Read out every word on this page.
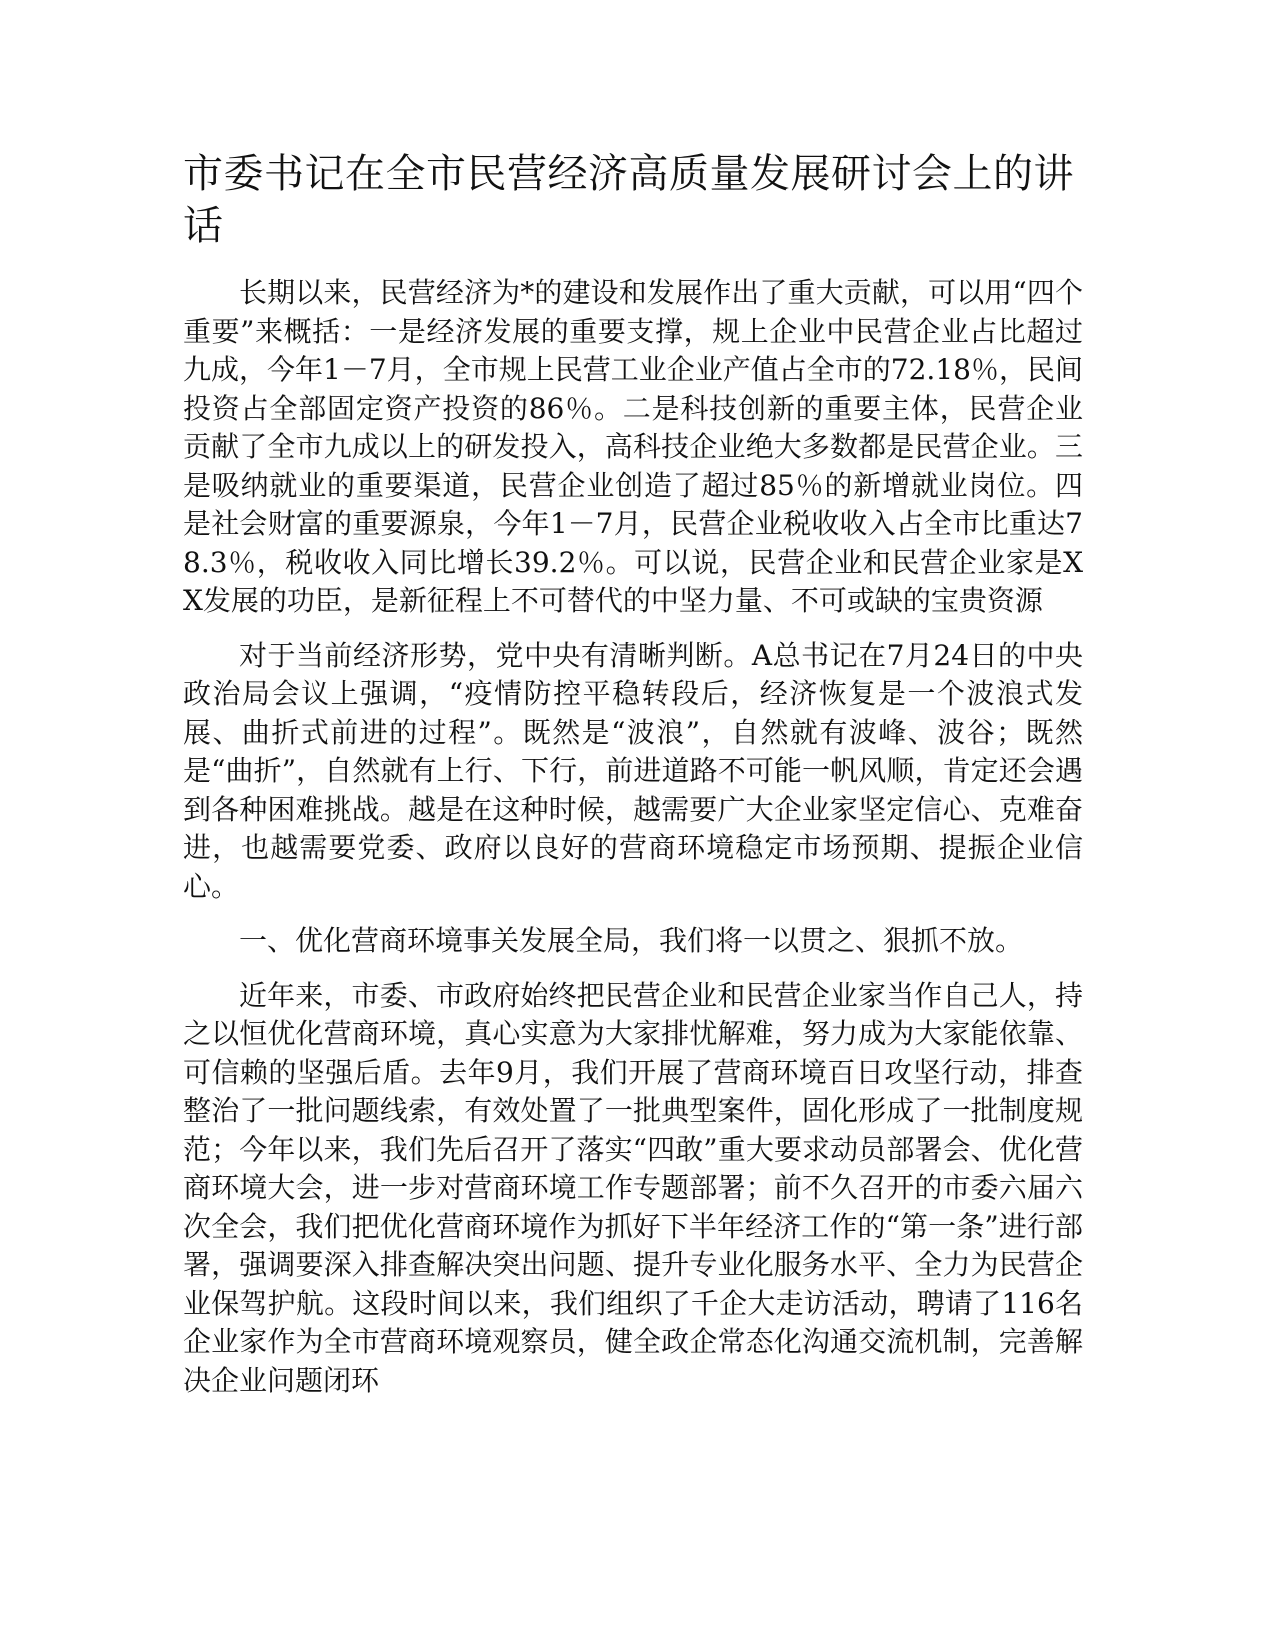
市委书记在全市民营经济高质量发展研讨会上的讲话

长期以来，民营经济为*的建设和发展作出了重大贡献，可以用“四个重要”来概括：一是经济发展的重要支撑，规上企业中民营企业占比超过九成，今年1－7月，全市规上民营工业企业产值占全市的72.18％，民间投资占全部固定资产投资的86％。二是科技创新的重要主体，民营企业贡献了全市九成以上的研发投入，高科技企业绝大多数都是民营企业。三是吸纳就业的重要渠道，民营企业创造了超过85％的新增就业岗位。四是社会财富的重要源泉，今年1－7月，民营企业税收收入占全市比重达78.3％，税收收入同比增长39.2％。可以说，民营企业和民营企业家是XX发展的功臣，是新征程上不可替代的中坚力量、不可或缺的宝贵资源

对于当前经济形势，党中央有清晰判断。A总书记在7月24日的中央政治局会议上强调，“疫情防控平稳转段后，经济恢复是一个波浪式发展、曲折式前进的过程”。既然是“波浪”，自然就有波峰、波谷；既然是“曲折”，自然就有上行、下行，前进道路不可能一帆风顺，肯定还会遇到各种困难挑战。越是在这种时候，越需要广大企业家坚定信心、克难奋进，也越需要党委、政府以良好的营商环境稳定市场预期、提振企业信心。

一、优化营商环境事关发展全局，我们将一以贯之、狠抓不放。

近年来，市委、市政府始终把民营企业和民营企业家当作自己人，持之以恒优化营商环境，真心实意为大家排忧解难，努力成为大家能依靠、可信赖的坚强后盾。去年9月，我们开展了营商环境百日攻坚行动，排查整治了一批问题线索，有效处置了一批典型案件，固化形成了一批制度规范；今年以来，我们先后召开了落实“四敢”重大要求动员部署会、优化营商环境大会，进一步对营商环境工作专题部署；前不久召开的市委六届六次全会，我们把优化营商环境作为抓好下半年经济工作的“第一条”进行部署，强调要深入排查解决突出问题、提升专业化服务水平、全力为民营企业保驾护航。这段时间以来，我们组织了千企大走访活动，聘请了116名企业家作为全市营商环境观察员，健全政企常态化沟通交流机制，完善解决企业问题闭环
